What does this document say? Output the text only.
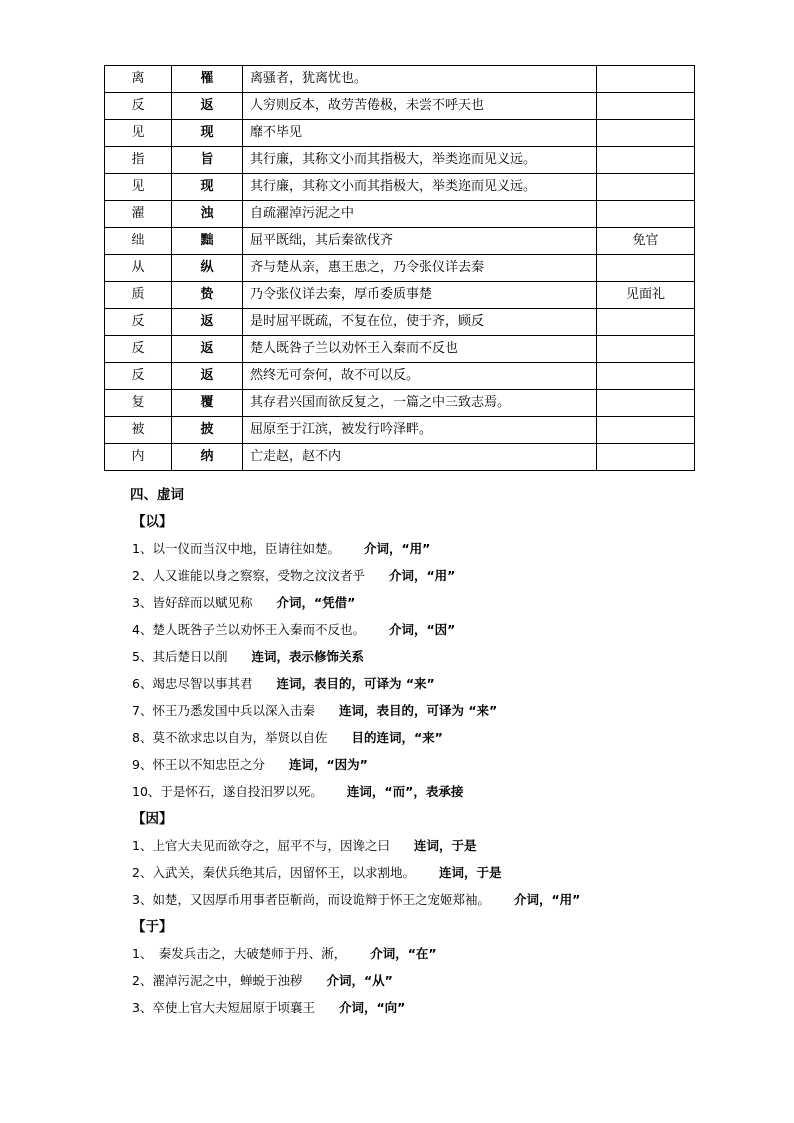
离	罹	离骚者，犹离忧也。	
反	返	人穷则反本，故劳苦倦极，未尝不呼天也	
见	现	靡不毕见	
指	旨	其行廉，其称文小而其指极大，举类迩而见义远。	
见	现	其行廉，其称文小而其指极大，举类迩而见义远。	
濯	浊	自疏濯淖污泥之中	
绌	黜	屈平既绌，其后秦欲伐齐	免官
从	纵	齐与楚从亲，惠王患之，乃令张仪详去秦	
质	贽	乃令张仪详去秦，厚币委质事楚	见面礼
反	返	是时屈平既疏，不复在位，使于齐，顾反	
反	返	楚人既咎子兰以劝怀王入秦而不反也	
反	返	然终无可奈何，故不可以反。	
复	覆	其存君兴国而欲反复之，一篇之中三致志焉。	
被	披	屈原至于江滨，被发行吟泽畔。	
内	纳	亡走赵，赵不内	
四、虚词
【以】
1、以一仪而当汉中地，臣请往如楚。 介词，“用”
2、人又谁能以身之察察，受物之汶汶者乎 介词，“用”
3、皆好辞而以赋见称 介词，“凭借”
4、楚人既咎子兰以劝怀王入秦而不反也。 介词，“因”
5、其后楚日以削 连词，表示修饰关系
6、竭忠尽智以事其君 连词，表目的，可译为 “来”
7、怀王乃悉发国中兵以深入击秦 连词，表目的，可译为 “来”
8、莫不欲求忠以自为，举贤以自佐 目的连词，“来”
9、怀王以不知忠臣之分 连词，“因为”
10、于是怀石，遂自投汨罗以死。 连词，“而”，表承接
【因】
1、上官大夫见而欲夺之，屈平不与，因谗之曰 连词，于是
2、入武关，秦伏兵绝其后，因留怀王，以求割地。 连词，于是
3、如楚，又因厚币用事者臣靳尚，而设诡辩于怀王之宠姬郑袖。 介词，“用”
【于】
1、　秦发兵击之，大破楚师于丹、淅， 介词，“在”
2、濯淖污泥之中，蝉蜕于浊秽 介词，“从”
3、卒使上官大夫短屈原于顷襄王 介词，“向”
